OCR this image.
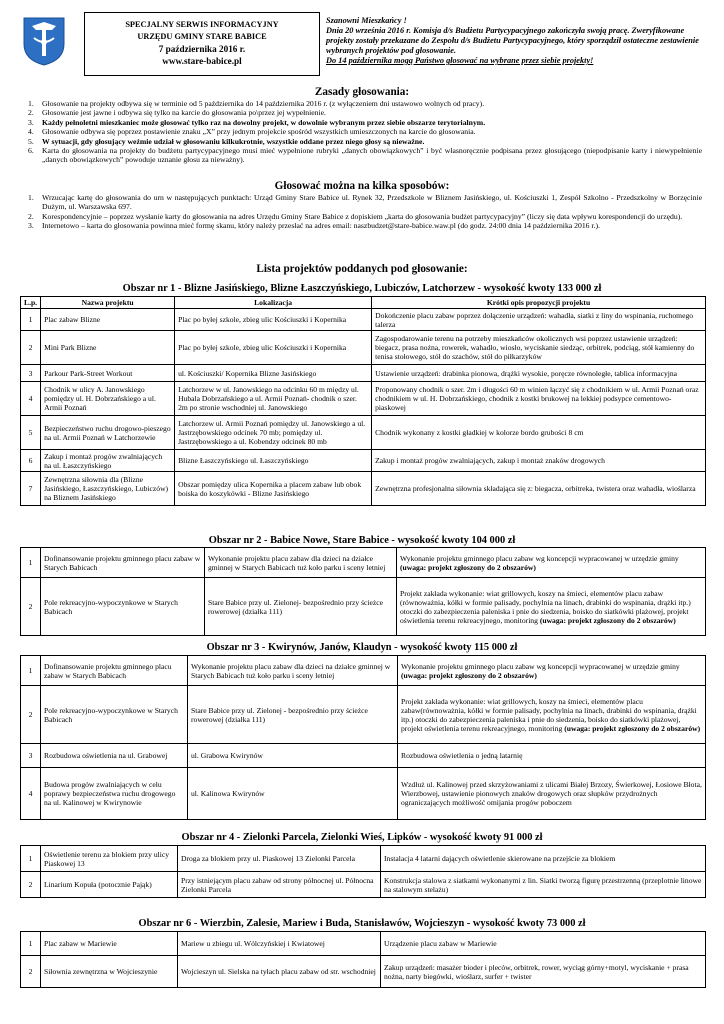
SPECJALNY SERWIS INFORMACYJNY
URZĘDU GMINY STARE BABICE
7 października 2016 r.
www.stare-babice.pl
Szanowni Mieszkańcy !
Dnia 20 września 2016 r. Komisja d/s Budżetu Partycypacyjnego zakończyła swoją pracę. Zweryfikowane projekty zostały przekazane do Zespołu d/s Budżetu Partycypacyjnego, który sporządził ostateczne zestawienie wybranych projektów pod głosowanie.
Do 14 października mogą Państwo głosować na wybrane przez siebie projekty!
Zasady głosowania:
1.	Głosowanie na projekty odbywa się w terminie od 5 października do 14 października 2016 r. (z wyłączeniem dni ustawowo wolnych od pracy).
2.	Głosowanie jest jawne i odbywa się tylko na karcie do głosowania po\przez jej wypełnienie.
3.	Każdy pełnoletni mieszkaniec może głosować tylko raz na dowolny projekt, w dowolnie wybranym przez siebie obszarze terytorialnym.
4.	Głosowanie odbywa się poprzez postawienie znaku „X” przy jednym projekcie spośród wszystkich umieszczonych na karcie do głosowania.
5.	W sytuacji, gdy głosujący weźmie udział w głosowaniu kilkukrotnie, wszystkie oddane przez niego głosy są nieważne.
6.	Karta do głosowania na projekty do budżetu partycypacyjnego musi mieć wypełnione rubryki „danych obowiązkowych” i być własnoręcznie podpisana przez głosującego (niepodpisanie karty i niewypełnienie „danych obowiązkowych” powoduje uznanie głosu za nieważny).
Głosować można na kilka sposobów:
1.	Wrzucając kartę do głosowania do urn w następujących punktach: Urząd Gminy Stare Babice ul. Rynek 32, Przedszkole w Bliznem Jasińskiego, ul. Kościuszki 1, Zespół Szkolno - Przedszkolny w Borzęcinie Dużym, ul. Warszawska 697.
2.	Korespondencyjnie – poprzez wysłanie karty do głosowania na adres Urzędu Gminy Stare Babice z dopiskiem „karta do głosowania budżet partycypacyjny” (liczy się data wpływu korespondencji do urzędu).
3.	Internetowo – karta do głosowania powinna mieć formę skanu, który należy przesłać na adres email: naszbudzet@stare-babice.waw.pl (do godz. 24:00 dnia 14 października 2016 r.).
Lista projektów poddanych pod głosowanie:
Obszar nr 1 - Blizne Jasińskiego, Blizne Łaszczyńskiego, Lubiczów, Latchorzew - wysokość kwoty 133 000 zł
L.p.	Nazwa projektu	Lokalizacja	Krótki opis propozycji projektu
1	Plac zabaw Blizne	Plac po byłej szkole, zbieg ulic Kościuszki i Kopernika	Dokończenie placu zabaw poprzez dołączenie urządzeń: wahadła, siatki z liny do wspinania, ruchomego talerza
2	Mini Park Blizne	Plac po byłej szkole, zbieg ulic Kościuszki i Kopernika	Zagospodarowanie terenu na potrzeby mieszkańców okolicznych wsi poprzez ustawienie urządzeń: biegacz, prasa nożna, rowerek, wahadło, wiosło, wyciskanie siedząc, orbitrek, podciąg, stół kamienny do tenisa stołowego, stół do szachów, stół do piłkarzyków
3	Parkour Park-Street Workout	ul. Kościuszki/ Kopernika Blizne Jasińskiego	Ustawienie urządzeń: drabinka pionowa, drążki wysokie, poręcze równoległe, tablica informacyjna
4	Chodnik w ulicy A. Janowskiego pomiędzy ul. H. Dobrzańskiego a ul. Armii Poznań	Latchorzew w ul. Janowskiego na odcinku 60 m między ul. Hubala Dobrzańskiego a ul. Armii Poznań- chodnik o szer. 2m po stronie wschodniej ul. Janowskiego	Proponowany chodnik o szer. 2m i długości 60 m winien łączyć się z chodnikiem w ul. Armii Poznań oraz chodnikiem w ul. H. Dobrzańskiego, chodnik z kostki brukowej na lekkiej podsypce cementowo-piaskowej
5	Bezpieczeństwo ruchu drogowo-pieszego na ul. Armii Poznań w Latchorzewie	Latchorzew ul. Armii Poznań pomiędzy ul. Janowskiego a ul. Jastrzębowskiego odcinek 70 mb; pomiędzy ul. Jastrzębowskiego a ul. Kobendzy odcinek 80 mb	Chodnik wykonany z kostki gładkiej w kolorze bordo grubości 8 cm
6	Zakup i montaż progów zwalniających na ul. Łaszczyńskiego	Blizne Łaszczyńskiego ul. Łaszczyńskiego	Zakup i montaż progów zwalniających, zakup i montaż znaków drogowych
7	Zewnętrzna siłownia dla (Blizne Jasińskiego, Łaszczyńskiego, Lubiczów) na Bliznem Jasińskiego	Obszar pomiędzy ulica Kopernika a placem zabaw lub obok boiska do koszykówki - Blizne Jasińskiego	Zewnętrzna profesjonalna siłownia składająca się z: biegacza, orbitreka, twistera oraz wahadła, wioślarza
Obszar nr 2 - Babice Nowe, Stare Babice - wysokość kwoty 104 000 zł
1	Dofinansowanie projektu gminnego placu zabaw w Starych Babicach	Wykonanie projektu placu zabaw dla dzieci na działce gminnej w Starych Babicach tuż koło parku i sceny letniej	Wykonanie projektu gminnego placu zabaw wg koncepcji wypracowanej w urzędzie gminy (uwaga: projekt zgłoszony do 2 obszarów)
2	Pole rekreacyjno-wypoczynkowe w Starych Babicach	Stare Babice przy ul. Zielonej- bezpośrednio przy ścieżce rowerowej (działka 111)	Projekt zakłada wykonanie: wiat grillowych, koszy na śmieci, elementów placu zabaw (równoważnia, kółki w formie palisady, pochylnia na linach, drabinki do wspinania, drążki itp.) otoczki do zabezpieczenia paleniska i pnie do siedzenia, boisko do siatkówki plażowej, projekt oświetlenia terenu rekreacyjnego, monitoring (uwaga: projekt zgłoszony do 2 obszarów)
Obszar nr 3 - Kwirynów, Janów, Klaudyn - wysokość kwoty 115 000 zł
1	Dofinansowanie projektu gminnego placu zabaw w Starych Babicach	Wykonanie projektu placu zabaw dla dzieci na działce gminnej w Starych Babicach tuż koło parku i sceny letniej	Wykonanie projektu gminnego placu zabaw wg koncepcji wypracowanej w urzędzie gminy (uwaga: projekt zgłoszony do 2 obszarów)
2	Pole rekreacyjno-wypoczynkowe w Starych Babicach	Stare Babice przy ul. Zielonej - bezpośrednio przy ścieżce rowerowej (działka 111)	Projekt zakłada wykonanie: wiat grillowych, koszy na śmieci, elementów placu zabaw(równoważnia, kółki w formie palisady, pochylnia na linach, drabinki do wspinania, drążki itp.) otoczki do zabezpieczenia paleniska i pnie do siedzenia, boisko do siatkówki plażowej, projekt oświetlenia terenu rekreacyjnego, monitoring (uwaga: projekt zgłoszony do 2 obszarów)
3	Rozbudowa oświetlenia na ul. Grabowej	ul. Grabowa Kwirynów	Rozbudowa oświetlenia o jedną latarnię
4	Budowa progów zwalniających w celu poprawy bezpieczeństwa ruchu drogowego na ul. Kalinowej w Kwirynowie	ul. Kalinowa Kwirynów	Wzdłuż ul. Kalinowej przed skrzyżowaniami z ulicami Białej Brzozy, Świerkowej, Łosiowe Błota, Wierzbowej, ustawienie pionowych znaków drogowych oraz słupków przydrożnych ograniczających możliwość omijania progów poboczem
Obszar nr 4 - Zielonki Parcela, Zielonki Wieś, Lipków - wysokość kwoty 91 000 zł
1	Oświetlenie terenu za blokiem przy ulicy Piaskowej 13	Droga za blokiem przy ul. Piaskowej 13 Zielonki Parcela	Instalacja 4 latarni dających oświetlenie skierowane na przejście za blokiem
2	Linarium Kopuła (potocznie Pająk)	Przy istniejącym placu zabaw od strony północnej ul. Północna Zielonki Parcela	Konstrukcja stalowa z siatkami wykonanymi z lin. Siatki tworzą figurę przestrzenną (przeplotnie linowe na stalowym stelażu)
Obszar nr 6 - Wierzbin, Zalesie, Mariew i Buda, Stanisławów, Wojcieszyn - wysokość kwoty 73 000 zł
1	Plac zabaw w Mariewie	Mariew u zbiegu ul. Wólczyńskiej i Kwiatowej	Urządzenie placu zabaw w Mariewie
2	Siłownia zewnętrzna w Wojcieszynie	Wojcieszyn ul. Sielska na tyłach placu zabaw od str. wschodniej	Zakup urządzeń: masażer bioder i pleców, orbitrek, rower, wyciąg górny+motyl, wyciskanie + prasa nożna, narty biegówki, wioślarz, surfer + twister
